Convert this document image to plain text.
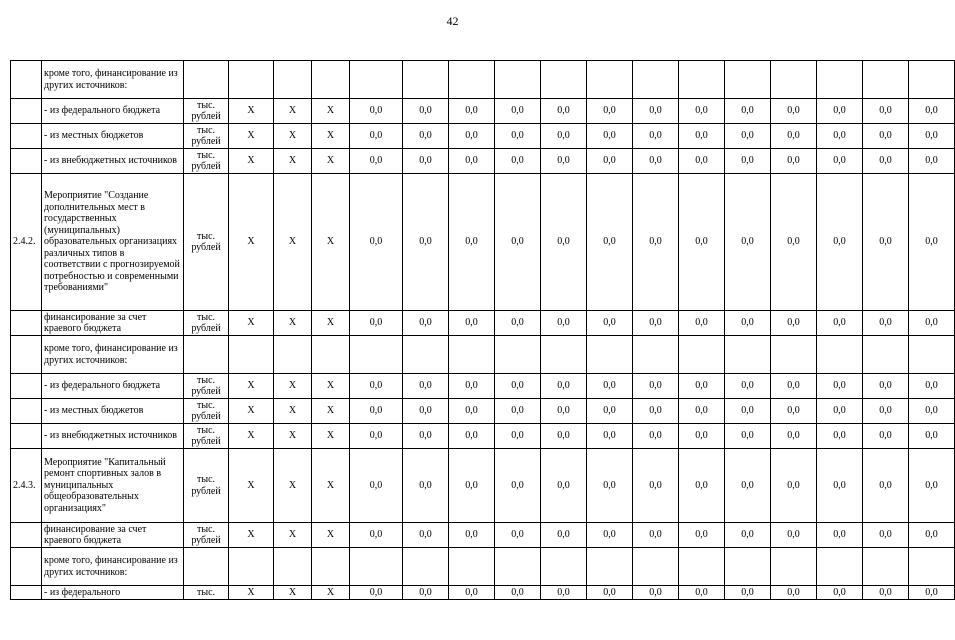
42
	кроме того, финансирование из других источников:																	
	- из федерального бюджета	тыс. рублей	X	X	X	0,0	0,0	0,0	0,0	0,0	0,0	0,0	0,0	0,0	0,0	0,0	0,0	0,0
	- из местных бюджетов	тыс. рублей	X	X	X	0,0	0,0	0,0	0,0	0,0	0,0	0,0	0,0	0,0	0,0	0,0	0,0	0,0
	- из внебюджетных источников	тыс. рублей	X	X	X	0,0	0,0	0,0	0,0	0,0	0,0	0,0	0,0	0,0	0,0	0,0	0,0	0,0
2.4.2.	Мероприятие "Создание дополнительных мест в государственных (муниципальных) образовательных организациях различных типов в соответствии с прогнозируемой потребностью и современными требованиями"	тыс. рублей	X	X	X	0,0	0,0	0,0	0,0	0,0	0,0	0,0	0,0	0,0	0,0	0,0	0,0	0,0
	финансирование за счет краевого бюджета	тыс. рублей	X	X	X	0,0	0,0	0,0	0,0	0,0	0,0	0,0	0,0	0,0	0,0	0,0	0,0	0,0
	кроме того, финансирование из других источников:																	
	- из федерального бюджета	тыс. рублей	X	X	X	0,0	0,0	0,0	0,0	0,0	0,0	0,0	0,0	0,0	0,0	0,0	0,0	0,0
	- из местных бюджетов	тыс. рублей	X	X	X	0,0	0,0	0,0	0,0	0,0	0,0	0,0	0,0	0,0	0,0	0,0	0,0	0,0
	- из внебюджетных источников	тыс. рублей	X	X	X	0,0	0,0	0,0	0,0	0,0	0,0	0,0	0,0	0,0	0,0	0,0	0,0	0,0
2.4.3.	Мероприятие "Капитальный ремонт спортивных залов в муниципальных общеобразовательных организациях"	тыс. рублей	X	X	X	0,0	0,0	0,0	0,0	0,0	0,0	0,0	0,0	0,0	0,0	0,0	0,0	0,0
	финансирование за счет краевого бюджета	тыс. рублей	X	X	X	0,0	0,0	0,0	0,0	0,0	0,0	0,0	0,0	0,0	0,0	0,0	0,0	0,0
	кроме того, финансирование из других источников:																	
	- из федерального	тыс.	X	X	X	0,0	0,0	0,0	0,0	0,0	0,0	0,0	0,0	0,0	0,0	0,0	0,0	0,0
